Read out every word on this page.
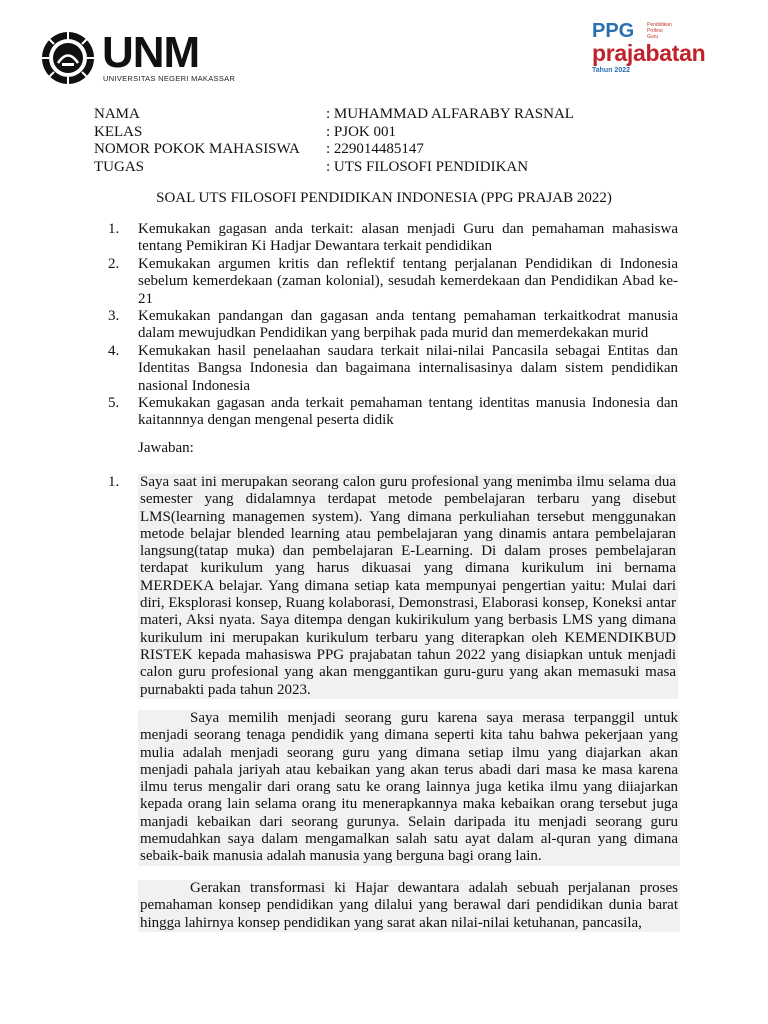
UNM
UNIVERSITAS NEGERI MAKASSAR
PPG	Pendidikan
Profesi
Guru
prajabatan
Tahun 2022
NAMA	: MUHAMMAD ALFARABY RASNAL
KELAS	: PJOK 001
NOMOR POKOK MAHASISWA	: 229014485147
TUGAS	: UTS FILOSOFI PENDIDIKAN
SOAL UTS FILOSOFI PENDIDIKAN INDONESIA (PPG PRAJAB 2022)
1.	Kemukakan gagasan anda terkait: alasan menjadi Guru dan pemahaman mahasiswa tentang Pemikiran Ki Hadjar Dewantara terkait pendidikan
2.	Kemukakan argumen kritis dan reflektif tentang perjalanan Pendidikan di Indonesia sebelum kemerdekaan (zaman kolonial), sesudah kemerdekaan dan Pendidikan Abad ke- 21
3.	Kemukakan pandangan dan gagasan anda tentang pemahaman terkaitkodrat manusia dalam mewujudkan Pendidikan yang berpihak pada murid dan memerdekakan murid
4.	Kemukakan hasil penelaahan saudara terkait nilai-nilai Pancasila sebagai Entitas dan Identitas Bangsa Indonesia dan bagaimana internalisasinya dalam sistem pendidikan nasional Indonesia
5.	Kemukakan gagasan anda terkait pemahaman tentang identitas manusia Indonesia dan kaitannnya dengan mengenal peserta didik
Jawaban:
1.	Saya saat ini merupakan seorang calon guru profesional yang menimba ilmu selama dua semester yang didalamnya terdapat metode pembelajaran terbaru yang disebut LMS(learning managemen system). Yang dimana perkuliahan tersebut menggunakan metode belajar blended learning atau pembelajaran yang dinamis antara pembelajaran langsung(tatap muka) dan pembelajaran E-Learning. Di dalam proses pembelajaran terdapat kurikulum yang harus dikuasai yang dimana kurikulum ini bernama MERDEKA belajar. Yang dimana setiap kata mempunyai pengertian yaitu: Mulai dari diri, Eksplorasi konsep, Ruang kolaborasi, Demonstrasi, Elaborasi konsep, Koneksi antar materi, Aksi nyata. Saya ditempa dengan kukirikulum yang berbasis LMS yang dimana kurikulum ini merupakan kurikulum terbaru yang diterapkan oleh KEMENDIKBUD RISTEK kepada mahasiswa PPG prajabatan tahun 2022 yang disiapkan untuk menjadi calon guru profesional yang akan menggantikan guru-guru yang akan memasuki masa purnabakti pada tahun 2023.
Saya memilih menjadi seorang guru karena saya merasa terpanggil untuk menjadi seorang tenaga pendidik yang dimana seperti kita tahu bahwa pekerjaan yang mulia adalah menjadi seorang guru yang dimana setiap ilmu yang diajarkan akan menjadi pahala jariyah atau kebaikan yang akan terus abadi dari masa ke masa karena ilmu terus mengalir dari orang satu ke orang lainnya juga ketika ilmu yang diiajarkan kepada orang lain selama orang itu menerapkannya maka kebaikan orang tersebut juga manjadi kebaikan dari seorang gurunya. Selain daripada itu menjadi seorang guru memudahkan saya dalam mengamalkan salah satu ayat dalam al-quran yang dimana sebaik-baik manusia adalah manusia yang berguna bagi orang lain.
Gerakan transformasi ki Hajar dewantara adalah sebuah perjalanan proses pemahaman konsep pendidikan yang dilalui yang berawal dari pendidikan dunia barat hingga lahirnya konsep pendidikan yang sarat akan nilai-nilai ketuhanan, pancasila,
